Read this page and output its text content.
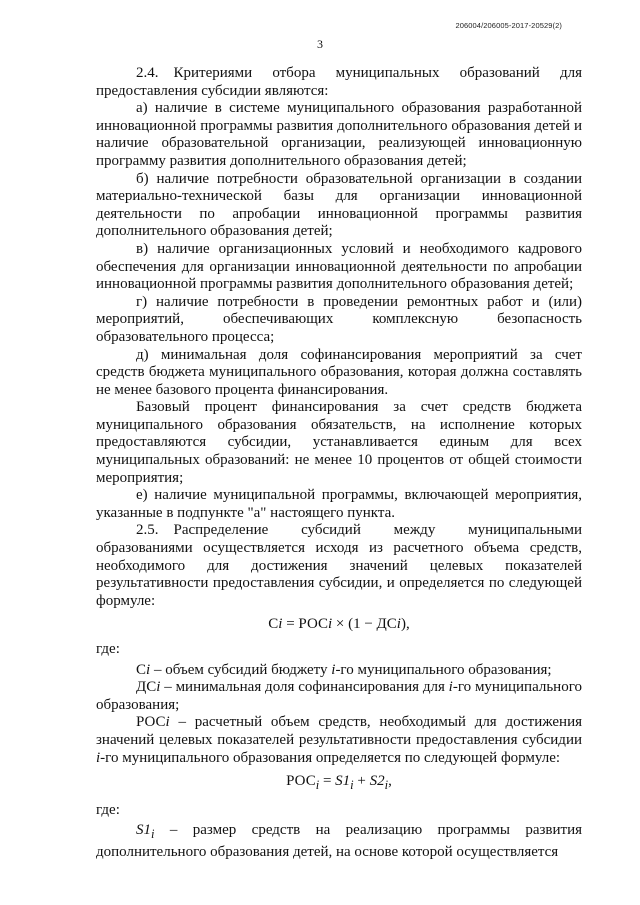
206004/206005-2017-20529(2)
3

2.4. Критериями отбора муниципальных образований для предоставления субсидии являются:

а) наличие в системе муниципального образования разработанной инновационной программы развития дополнительного образования детей и наличие образовательной организации, реализующей инновационную программу развития дополнительного образования детей;

б) наличие потребности образовательной организации в создании материально-технической базы для организации инновационной деятельности по апробации инновационной программы развития дополнительного образования детей;

в) наличие организационных условий и необходимого кадрового обеспечения для организации инновационной деятельности по апробации инновационной программы развития дополнительного образования детей;

г) наличие потребности в проведении ремонтных работ и (или) мероприятий, обеспечивающих комплексную безопасность образовательного процесса;

д) минимальная доля софинансирования мероприятий за счет средств бюджета муниципального образования, которая должна составлять не менее базового процента финансирования.

Базовый процент финансирования за счет средств бюджета муниципального образования обязательств, на исполнение которых предоставляются субсидии, устанавливается единым для всех муниципальных образований: не менее 10 процентов от общей стоимости мероприятия;

е) наличие муниципальной программы, включающей мероприятия, указанные в подпункте "а" настоящего пункта.

2.5. Распределение субсидий между муниципальными образованиями осуществляется исходя из расчетного объема средств, необходимого для достижения значений целевых показателей результативности предоставления субсидии, и определяется по следующей формуле:

Сi = РОСi × (1 − ДСi),

где:

Сi – объем субсидий бюджету i-го муниципального образования;

ДСi – минимальная доля софинансирования для i-го муниципального образования;

РОСi – расчетный объем средств, необходимый для достижения значений целевых показателей результативности предоставления субсидии i-го муниципального образования определяется по следующей формуле:

$РОС_i = S1_i + S2_i$,

где:

$S1_i$ – размер средств на реализацию программы развития дополнительного образования детей, на основе которой осуществляется
